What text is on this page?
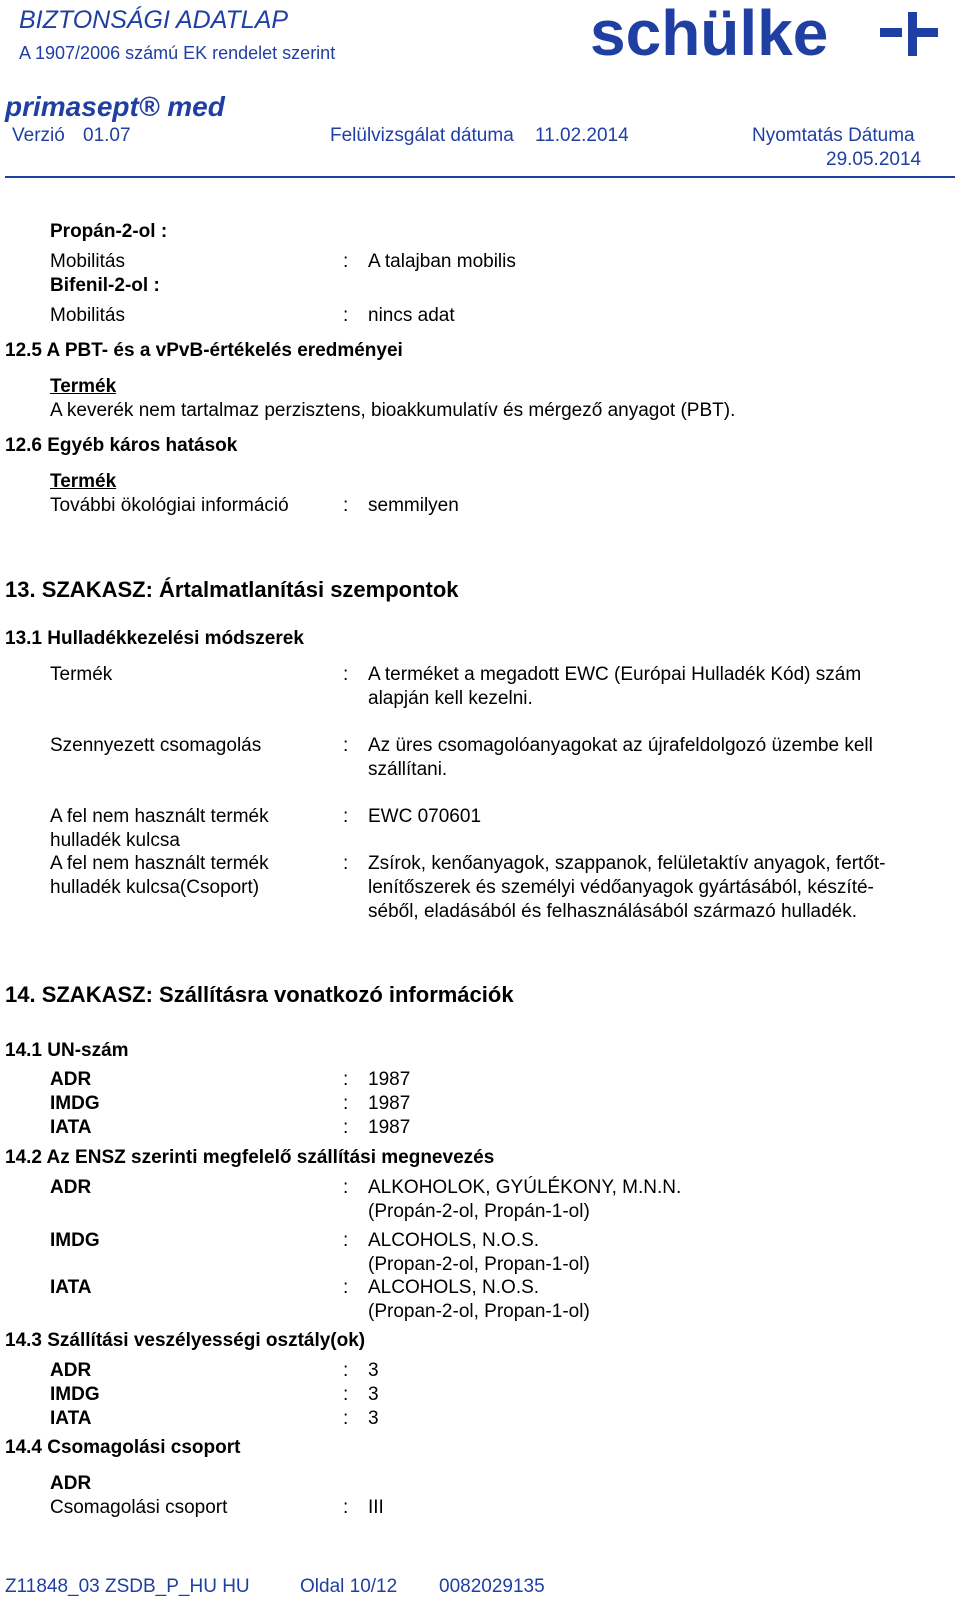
BIZTONSÁGI ADATLAP
A 1907/2006 számú EK rendelet szerint	schülke
primasept® med
Verzió 01.07	Felülvizsgálat dátuma 11.02.2014	Nyomtatás Dátuma
29.05.2014
Propán-2-ol :
Mobilitás	: A talajban mobilis
Bifenil-2-ol :
Mobilitás	: nincs adat
12.5 A PBT- és a vPvB-értékelés eredményei
Termék
A keverék nem tartalmaz perzisztens, bioakkumulatív és mérgező anyagot (PBT).
12.6 Egyéb káros hatások
Termék
További ökológiai információ	: semmilyen
13. SZAKASZ: Ártalmatlanítási szempontok
13.1 Hulladékkezelési módszerek
Termék	: A terméket a megadott EWC (Európai Hulladék Kód) szám
alapján kell kezelni.
Szennyezett csomagolás	: Az üres csomagolóanyagokat az újrafeldolgozó üzembe kell
szállítani.
A fel nem használt termék
hulladék kulcsa
: EWC 070601
A fel nem használt termék
hulladék kulcsa(Csoport)
: Zsírok, kenőanyagok, szappanok, felületaktív anyagok, fertőt-
lenítőszerek és személyi védőanyagok gyártásából, készíté-
séből, eladásából és felhasználásából származó hulladék.
14. SZAKASZ: Szállításra vonatkozó információk
14.1 UN-szám
ADR	: 1987
IMDG	: 1987
IATA	: 1987
14.2 Az ENSZ szerinti megfelelő szállítási megnevezés
ADR	: ALKOHOLOK, GYÚLÉKONY, M.N.N.
(Propán-2-ol, Propán-1-ol)
IMDG	: ALCOHOLS, N.O.S.
(Propan-2-ol, Propan-1-ol)
IATA	: ALCOHOLS, N.O.S.
(Propan-2-ol, Propan-1-ol)
14.3 Szállítási veszélyességi osztály(ok)
ADR	: 3
IMDG	: 3
IATA	: 3
14.4 Csomagolási csoport
ADR
Csomagolási csoport	: III
Z11848_03 ZSDB_P_HU HU	Oldal 10/12 0082029135
